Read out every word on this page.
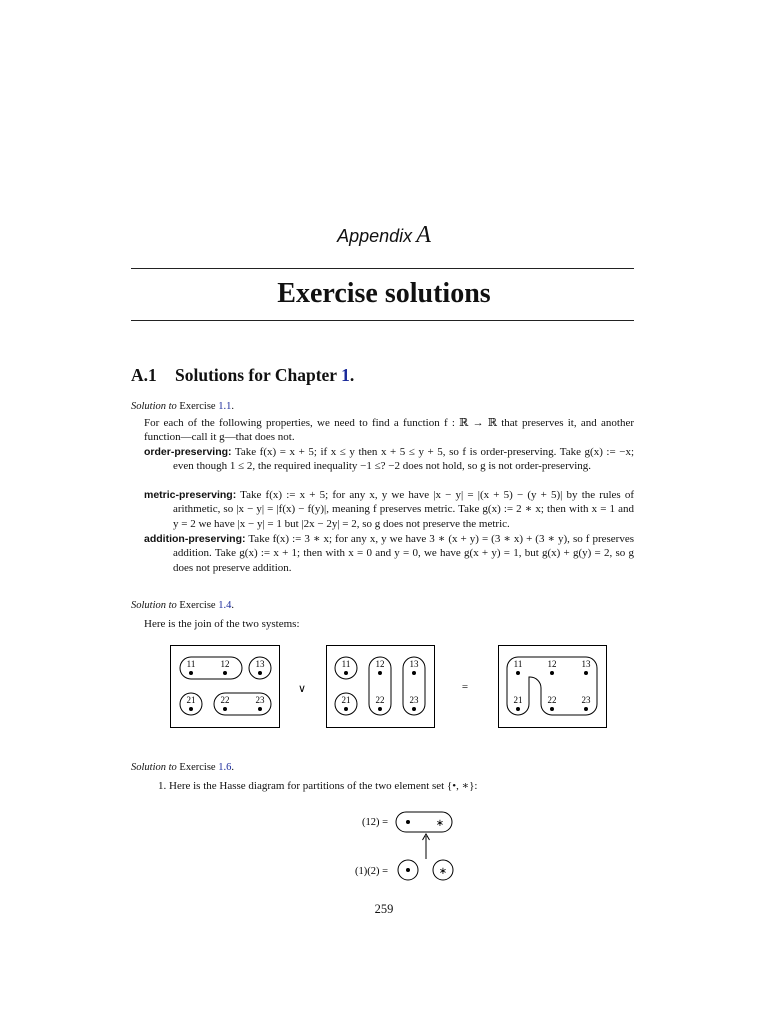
Appendix A
Exercise solutions
A.1 Solutions for Chapter 1.
Solution to Exercise 1.1.
For each of the following properties, we need to find a function f : ℝ → ℝ that preserves it, and another function—call it g—that does not.
order-preserving: Take f(x) = x + 5; if x ≤ y then x + 5 ≤ y + 5, so f is order-preserving. Take g(x) := −x; even though 1 ≤ 2, the required inequality −1 ≤? −2 does not hold, so g is not order-preserving.
metric-preserving: Take f(x) := x + 5; for any x, y we have |x − y| = |(x + 5) − (y + 5)| by the rules of arithmetic, so |x − y| = |f(x) − f(y)|, meaning f preserves metric. Take g(x) := 2 ∗ x; then with x = 1 and y = 2 we have |x − y| = 1 but |2x − 2y| = 2, so g does not preserve the metric.
addition-preserving: Take f(x) := 3 ∗ x; for any x, y we have 3 ∗ (x + y) = (3 ∗ x) + (3 ∗ y), so f preserves addition. Take g(x) := x + 1; then with x = 0 and y = 0, we have g(x + y) = 1, but g(x) + g(y) = 2, so g does not preserve addition.
Solution to Exercise 1.4.
Here is the join of the two systems:
11	12	13
21	22	23
∨
11	12	13
21	22	23
=
11	12	13
21	22	23
Solution to Exercise 1.6.
1. Here is the Hasse diagram for partitions of the two element set {•, ∗}:
(12) =	∗
(1)(2) =	∗
259
